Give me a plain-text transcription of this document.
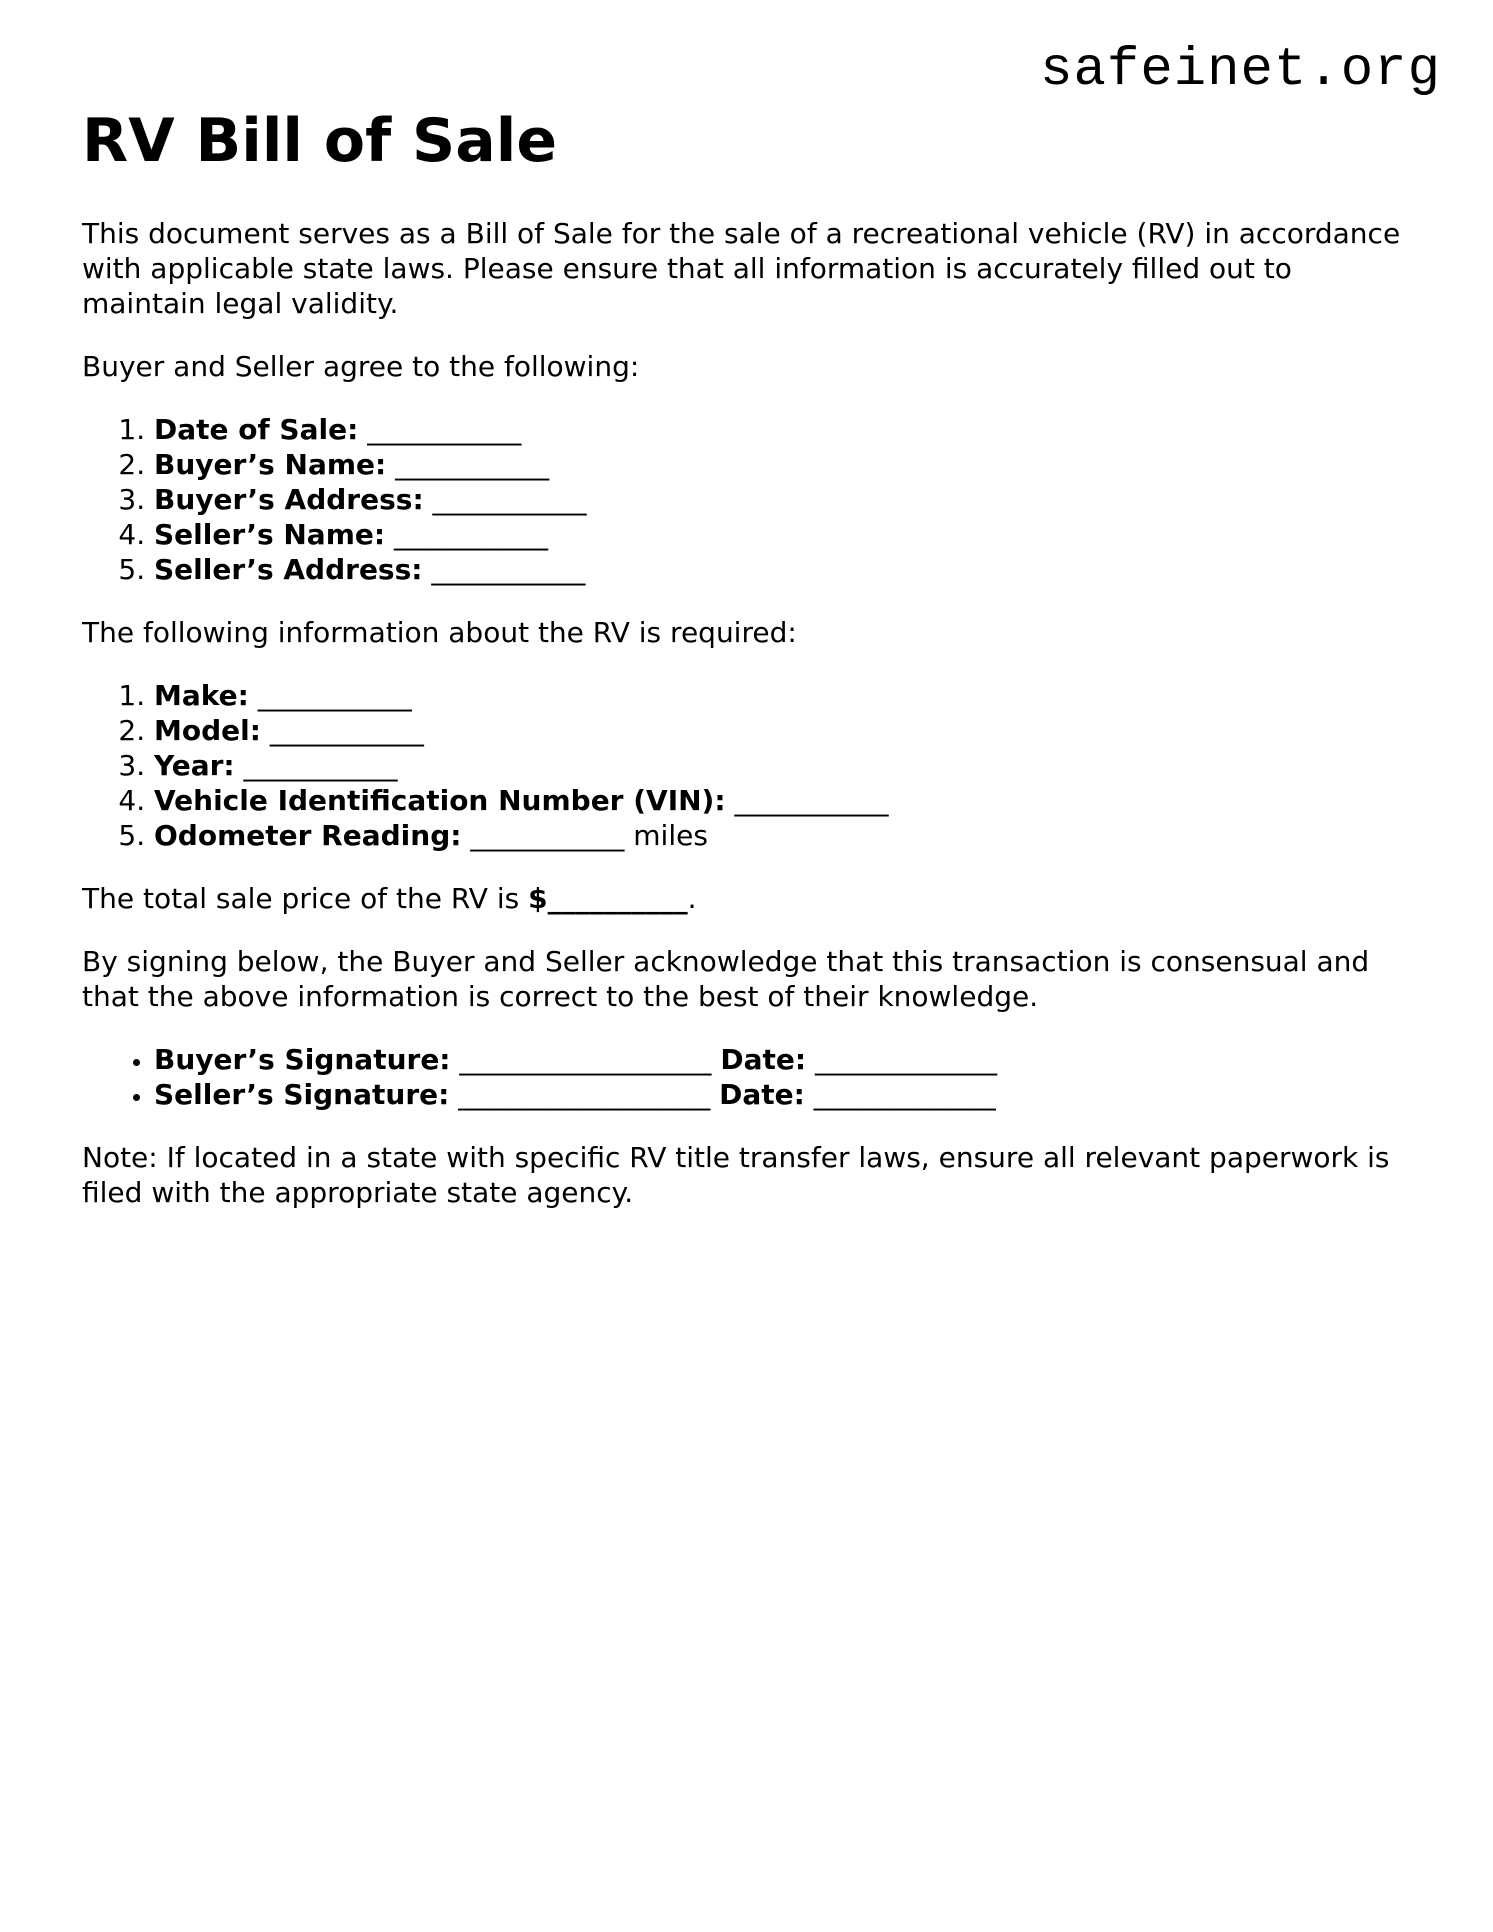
safeinet.org
RV Bill of Sale

This document serves as a Bill of Sale for the sale of a recreational vehicle (RV) in accordance with applicable state laws. Please ensure that all information is accurately filled out to maintain legal validity.

Buyer and Seller agree to the following:

1. Date of Sale: ___________
2. Buyer’s Name: ___________
3. Buyer’s Address: ___________
4. Seller’s Name: ___________
5. Seller’s Address: ___________

The following information about the RV is required:

1. Make: ___________
2. Model: ___________
3. Year: ___________
4. Vehicle Identification Number (VIN): ___________
5. Odometer Reading: ___________ miles

The total sale price of the RV is $__________.

By signing below, the Buyer and Seller acknowledge that this transaction is consensual and that the above information is correct to the best of their knowledge.

• Buyer’s Signature: __________________ Date: _____________
• Seller’s Signature: __________________ Date: _____________

Note: If located in a state with specific RV title transfer laws, ensure all relevant paperwork is filed with the appropriate state agency.
